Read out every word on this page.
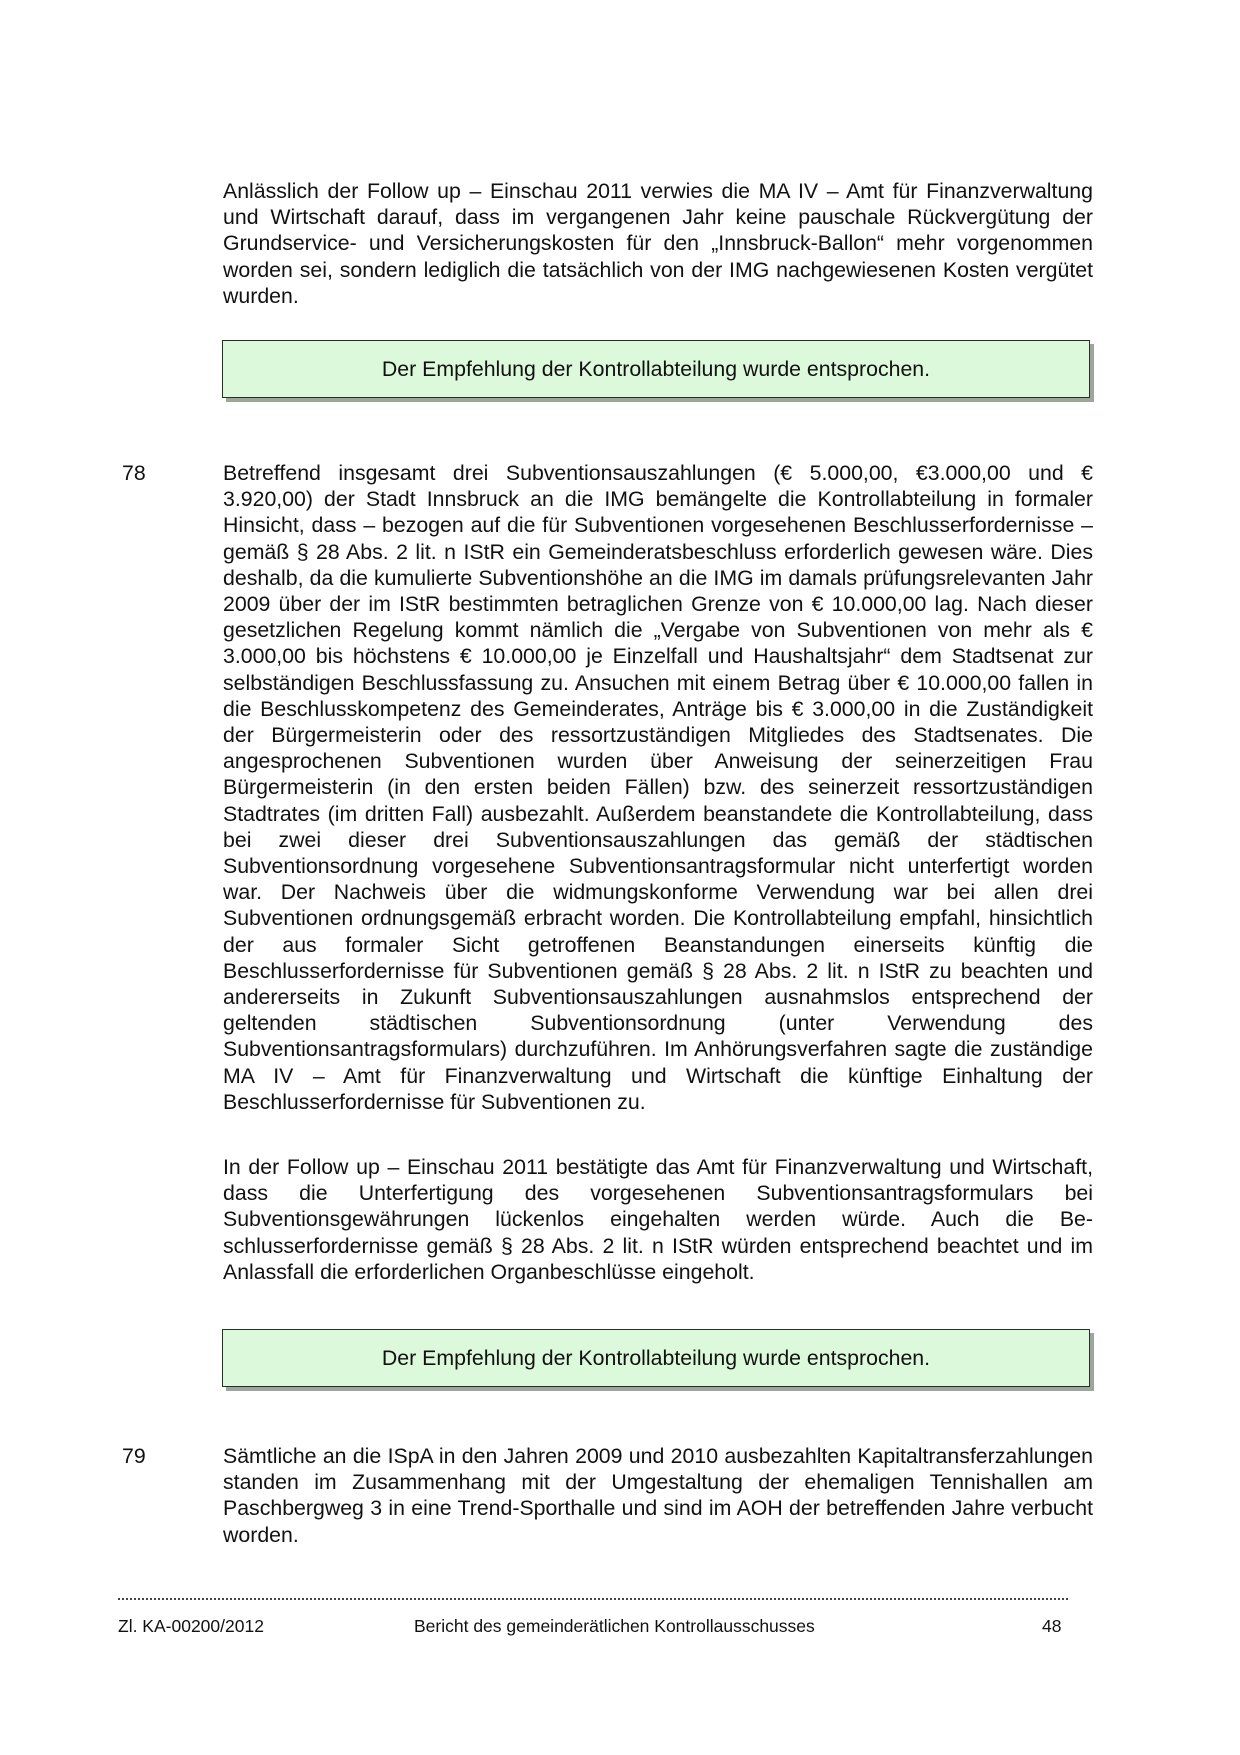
Anlässlich der Follow up – Einschau 2011 verwies die MA IV – Amt für Finanzverwaltung und Wirtschaft darauf, dass im vergangenen Jahr keine pauschale Rückvergütung der Grundservice- und Versicherungskosten für den „Innsbruck-Ballon“ mehr vorgenommen worden sei, sondern lediglich die tatsächlich von der IMG nachgewiesenen Kosten vergütet wurden.
Der Empfehlung der Kontrollabteilung wurde entsprochen.
78	Betreffend insgesamt drei Subventionsauszahlungen (€ 5.000,00, €3.000,00 und € 3.920,00) der Stadt Innsbruck an die IMG bemängelte die Kontrollabteilung in formaler Hinsicht, dass – bezogen auf die für Subventionen vorgesehenen Beschlusserfordernisse – gemäß § 28 Abs. 2 lit. n IStR ein Gemeinderatsbeschluss erforderlich gewesen wäre. Dies deshalb, da die kumulierte Subventionshöhe an die IMG im damals prüfungsrelevanten Jahr 2009 über der im IStR bestimmten betraglichen Grenze von € 10.000,00 lag. Nach dieser gesetzlichen Regelung kommt nämlich die „Vergabe von Subventionen von mehr als € 3.000,00 bis höchstens € 10.000,00 je Einzelfall und Haushaltsjahr“ dem Stadtsenat zur selbständigen Beschlussfassung zu. Ansuchen mit einem Betrag über € 10.000,00 fallen in die Beschlusskompetenz des Gemeinderates, Anträge bis € 3.000,00 in die Zuständigkeit der Bürgermeisterin oder des ressortzuständigen Mitgliedes des Stadtsenates. Die angesprochenen Subventionen wurden über Anweisung der seinerzeitigen Frau Bürgermeisterin (in den ersten beiden Fällen) bzw. des seinerzeit ressortzuständigen Stadtrates (im dritten Fall) ausbezahlt. Außerdem beanstandete die Kontrollabteilung, dass bei zwei dieser drei Subventionsauszahlungen das gemäß der städtischen Subventionsordnung vorgesehene Subventionsantragsformular nicht unterfertigt worden war. Der Nachweis über die widmungskonforme Verwendung war bei allen drei Subventionen ordnungsgemäß erbracht worden. Die Kontrollabteilung empfahl, hinsichtlich der aus formaler Sicht getroffenen Beanstandungen einerseits künftig die Beschlusserfordernisse für Subventionen gemäß § 28 Abs. 2 lit. n IStR zu beachten und andererseits in Zukunft Subventionsauszahlungen ausnahmslos entsprechend der geltenden städtischen Subventionsordnung (unter Verwendung des Subventionsantragsformulars) durchzuführen. Im Anhörungsverfahren sagte die zuständige MA IV – Amt für Finanzverwaltung und Wirtschaft die künftige Einhaltung der Beschlusserfordernisse für Subventionen zu.
In der Follow up – Einschau 2011 bestätigte das Amt für Finanzverwaltung und Wirtschaft, dass die Unterfertigung des vorgesehenen Subventionsantragsformulars bei Subventionsgewährungen lückenlos eingehalten werden würde. Auch die Beschlusserfordernisse gemäß § 28 Abs. 2 lit. n IStR würden entsprechend beachtet und im Anlassfall die erforderlichen Organbeschlüsse eingeholt.
Der Empfehlung der Kontrollabteilung wurde entsprochen.
79	Sämtliche an die ISpA in den Jahren 2009 und 2010 ausbezahlten Kapitaltransferzahlungen standen im Zusammenhang mit der Umgestaltung der ehemaligen Tennishallen am Paschbergweg 3 in eine Trend-Sporthalle und sind im AOH der betreffenden Jahre verbucht worden.
Zl. KA-00200/2012	Bericht des gemeinderätlichen Kontrollausschusses	48
